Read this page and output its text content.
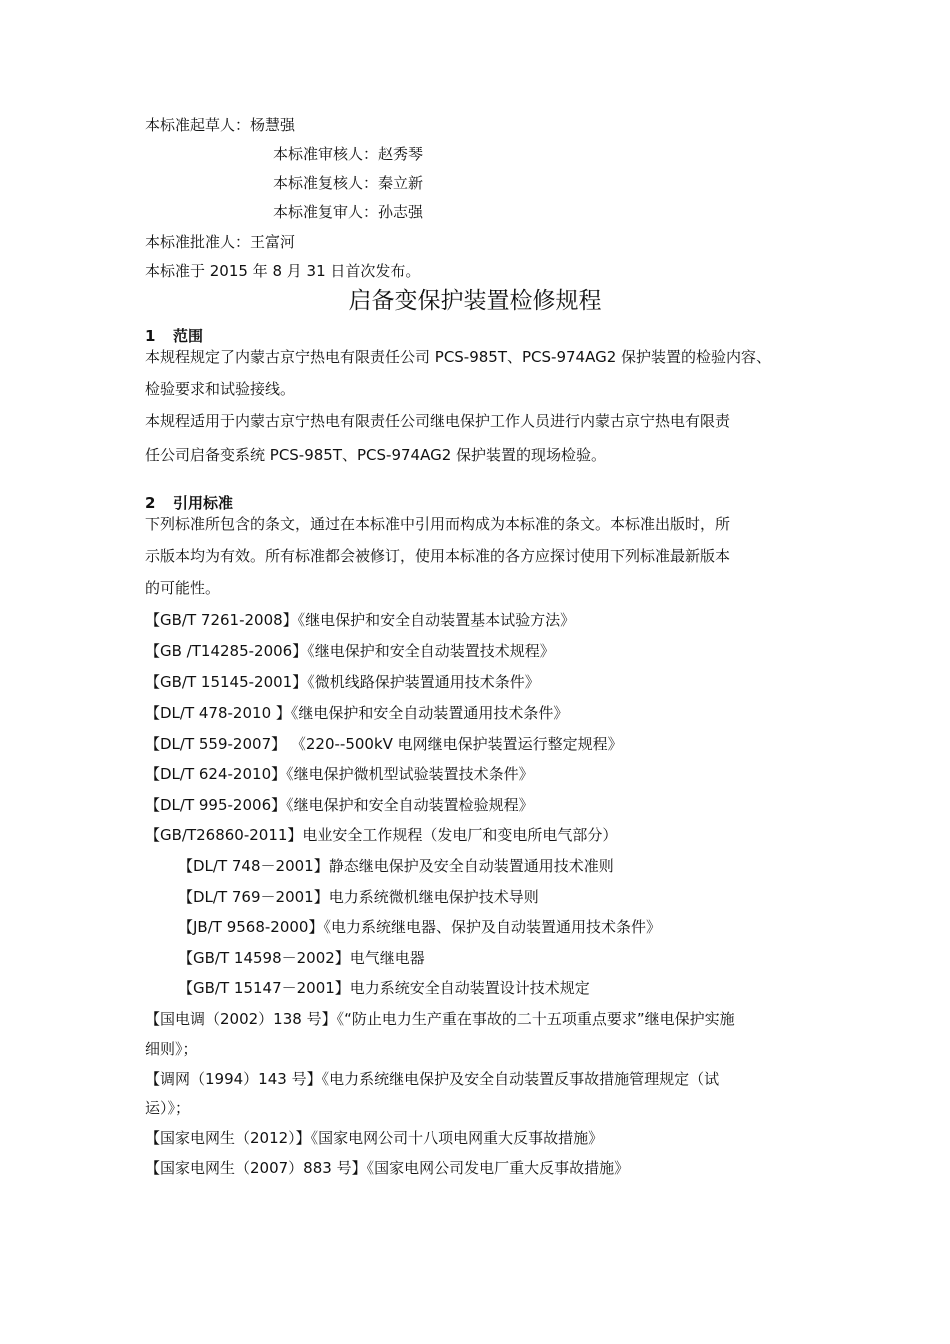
本标准起草人：杨慧强

本标准审核人：赵秀琴

本标准复核人：秦立新

本标准复审人：孙志强

本标准批准人：王富河

本标准于 2015 年 8 月 31 日首次发布。

启备变保护装置检修规程
1 范围

本规程规定了内蒙古京宁热电有限责任公司 PCS-985T、PCS-974AG2 保护装置的检验内容、

检验要求和试验接线。

本规程适用于内蒙古京宁热电有限责任公司继电保护工作人员进行内蒙古京宁热电有限责

任公司启备变系统 PCS-985T、PCS-974AG2 保护装置的现场检验。

2 引用标准

下列标准所包含的条文，通过在本标准中引用而构成为本标准的条文。本标准出版时，所

示版本均为有效。所有标准都会被修订，使用本标准的各方应探讨使用下列标准最新版本

的可能性。

【GB/T 7261-2008】《继电保护和安全自动装置基本试验方法》

【GB /T14285-2006】《继电保护和安全自动装置技术规程》

【GB/T 15145-2001】《微机线路保护装置通用技术条件》

【DL/T 478-2010 】《继电保护和安全自动装置通用技术条件》

【DL/T 559-2007】 《220--500kV 电网继电保护装置运行整定规程》

【DL/T 624-2010】《继电保护微机型试验装置技术条件》

【DL/T 995-2006】《继电保护和安全自动装置检验规程》

【GB/T26860-2011】电业安全工作规程（发电厂和变电所电气部分）

【DL/T 748－2001】静态继电保护及安全自动装置通用技术准则

【DL/T 769－2001】电力系统微机继电保护技术导则

【JB/T 9568-2000】《电力系统继电器、保护及自动装置通用技术条件》

【GB/T 14598－2002】电气继电器

【GB/T 15147－2001】电力系统安全自动装置设计技术规定

【国电调（2002）138 号】《“防止电力生产重在事故的二十五项重点要求”继电保护实施

细则》；

【调网（1994）143 号】《电力系统继电保护及安全自动装置反事故措施管理规定（试

运）》；

【国家电网生（2012）】《国家电网公司十八项电网重大反事故措施》

【国家电网生（2007）883 号】《国家电网公司发电厂重大反事故措施》
